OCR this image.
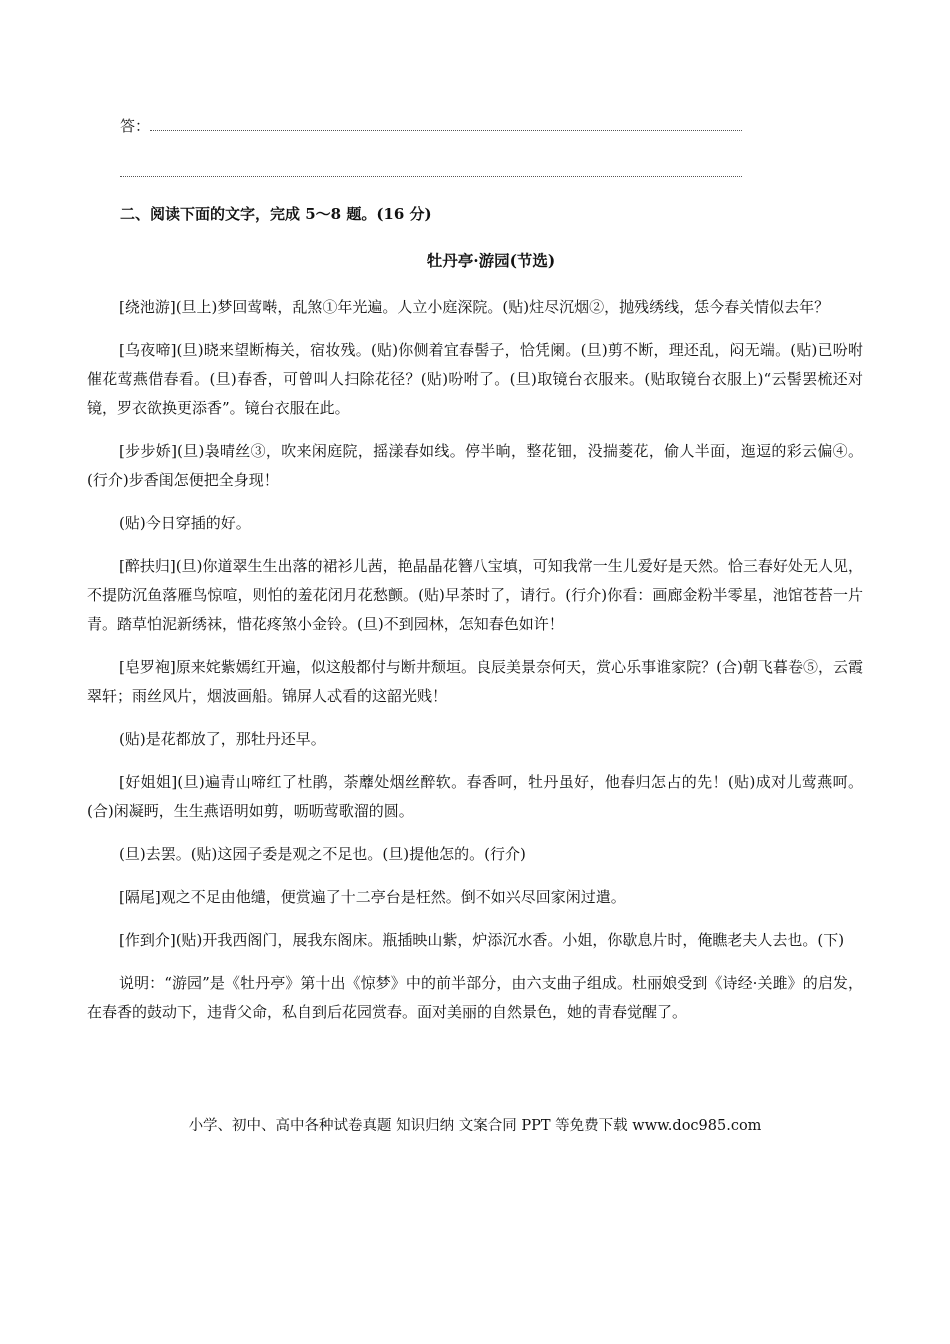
答：
二、阅读下面的文字，完成 5～8 题。(16 分)
牡丹亭·游园(节选)

[绕池游](旦上)梦回莺啭，乱煞①年光遍。人立小庭深院。(贴)炷尽沉烟②，抛残绣线，恁今春关情似去年？

[乌夜啼](旦)晓来望断梅关，宿妆残。(贴)你侧着宜春髻子，恰凭阑。(旦)剪不断，理还乱，闷无端。(贴)已吩咐催花莺燕借春看。(旦)春香，可曾叫人扫除花径？(贴)吩咐了。(旦)取镜台衣服来。(贴取镜台衣服上)“云髻罢梳还对镜，罗衣欲换更添香”。镜台衣服在此。

[步步娇](旦)袅晴丝③，吹来闲庭院，摇漾春如线。停半晌，整花钿，没揣菱花，偷人半面，迤逗的彩云偏④。(行介)步香闺怎便把全身现！

(贴)今日穿插的好。

[醉扶归](旦)你道翠生生出落的裙衫儿茜，艳晶晶花簪八宝填，可知我常一生儿爱好是天然。恰三春好处无人见，不提防沉鱼落雁鸟惊喧，则怕的羞花闭月花愁颤。(贴)早茶时了，请行。(行介)你看：画廊金粉半零星，池馆苍苔一片青。踏草怕泥新绣袜，惜花疼煞小金铃。(旦)不到园林，怎知春色如许！

[皂罗袍]原来姹紫嫣红开遍，似这般都付与断井颓垣。良辰美景奈何天，赏心乐事谁家院？(合)朝飞暮卷⑤，云霞翠轩；雨丝风片，烟波画船。锦屏人忒看的这韶光贱！

(贴)是花都放了，那牡丹还早。

[好姐姐](旦)遍青山啼红了杜鹃，荼蘼处烟丝醉软。春香呵，牡丹虽好，他春归怎占的先！(贴)成对儿莺燕呵。(合)闲凝眄，生生燕语明如剪，呖呖莺歌溜的圆。

(旦)去罢。(贴)这园子委是观之不足也。(旦)提他怎的。(行介)

[隔尾]观之不足由他缱，便赏遍了十二亭台是枉然。倒不如兴尽回家闲过遣。

[作到介](贴)开我西阁门，展我东阁床。瓶插映山紫，炉添沉水香。小姐，你歇息片时，俺瞧老夫人去也。(下)

说明：“游园”是《牡丹亭》第十出《惊梦》中的前半部分，由六支曲子组成。杜丽娘受到《诗经·关雎》的启发，在春香的鼓动下，违背父命，私自到后花园赏春。面对美丽的自然景色，她的青春觉醒了。

小学、初中、高中各种试卷真题 知识归纳 文案合同 PPT 等免费下载 www.doc985.com
